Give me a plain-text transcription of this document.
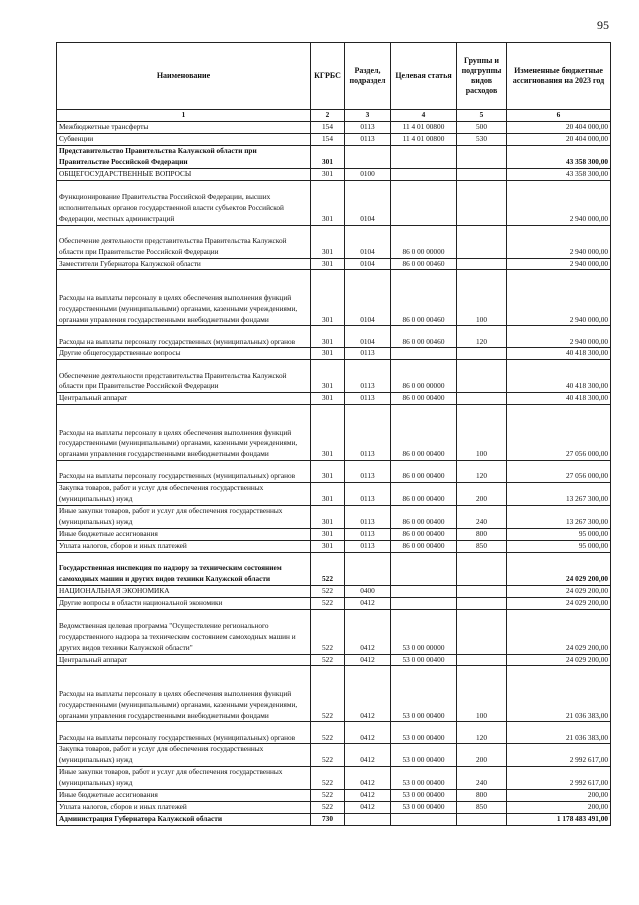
95
Наименование	КГРБС	Раздел, подраздел	Целевая статья	Группы и подгруппы видов расходов	Измененные бюджетные ассигнования на 2023 год
1	2	3	4	5	6
Межбюджетные трансферты	154	0113	11 4 01 00800	500	20 404 000,00
Субвенции	154	0113	11 4 01 00800	530	20 404 000,00
Представительство Правительства Калужской области при Правительстве Российской Федерации	301				43 358 300,00
ОБЩЕГОСУДАРСТВЕННЫЕ ВОПРОСЫ	301	0100			43 358 300,00
Функционирование Правительства Российской Федерации, высших исполнительных органов государственной власти субъектов Российской Федерации, местных администраций	301	0104			2 940 000,00
Обеспечение деятельности представительства Правительства Калужской области при Правительстве Российской Федерации	301	0104	86 0 00 00000		2 940 000,00
Заместители Губернатора Калужской области	301	0104	86 0 00 00460		2 940 000,00
Расходы на выплаты персоналу в целях обеспечения выполнения функций государственными (муниципальными) органами, казенными учреждениями, органами управления государственными внебюджетными фондами	301	0104	86 0 00 00460	100	2 940 000,00
Расходы на выплаты персоналу государственных (муниципальных) органов	301	0104	86 0 00 00460	120	2 940 000,00
Другие общегосударственные вопросы	301	0113			40 418 300,00
Обеспечение деятельности представительства Правительства Калужской области при Правительстве Российской Федерации	301	0113	86 0 00 00000		40 418 300,00
Центральный аппарат	301	0113	86 0 00 00400		40 418 300,00
Расходы на выплаты персоналу в целях обеспечения выполнения функций государственными (муниципальными) органами, казенными учреждениями, органами управления государственными внебюджетными фондами	301	0113	86 0 00 00400	100	27 056 000,00
Расходы на выплаты персоналу государственных (муниципальных) органов	301	0113	86 0 00 00400	120	27 056 000,00
Закупка товаров, работ и услуг для обеспечения государственных (муниципальных) нужд	301	0113	86 0 00 00400	200	13 267 300,00
Иные закупки товаров, работ и услуг для обеспечения государственных (муниципальных) нужд	301	0113	86 0 00 00400	240	13 267 300,00
Иные бюджетные ассигнования	301	0113	86 0 00 00400	800	95 000,00
Уплата налогов, сборов и иных платежей	301	0113	86 0 00 00400	850	95 000,00
Государственная инспекция по надзору за техническим состоянием самоходных машин и других видов техники Калужской области	522				24 029 200,00
НАЦИОНАЛЬНАЯ ЭКОНОМИКА	522	0400			24 029 200,00
Другие вопросы в области национальной экономики	522	0412			24 029 200,00
Ведомственная целевая программа "Осуществление регионального государственного надзора за техническим состоянием самоходных машин и других видов техники Калужской области"	522	0412	53 0 00 00000		24 029 200,00
Центральный аппарат	522	0412	53 0 00 00400		24 029 200,00
Расходы на выплаты персоналу в целях обеспечения выполнения функций государственными (муниципальными) органами, казенными учреждениями, органами управления государственными внебюджетными фондами	522	0412	53 0 00 00400	100	21 036 383,00
Расходы на выплаты персоналу государственных (муниципальных) органов	522	0412	53 0 00 00400	120	21 036 383,00
Закупка товаров, работ и услуг для обеспечения государственных (муниципальных) нужд	522	0412	53 0 00 00400	200	2 992 617,00
Иные закупки товаров, работ и услуг для обеспечения государственных (муниципальных) нужд	522	0412	53 0 00 00400	240	2 992 617,00
Иные бюджетные ассигнования	522	0412	53 0 00 00400	800	200,00
Уплата налогов, сборов и иных платежей	522	0412	53 0 00 00400	850	200,00
Администрация Губернатора Калужской области	730				1 178 483 491,00
